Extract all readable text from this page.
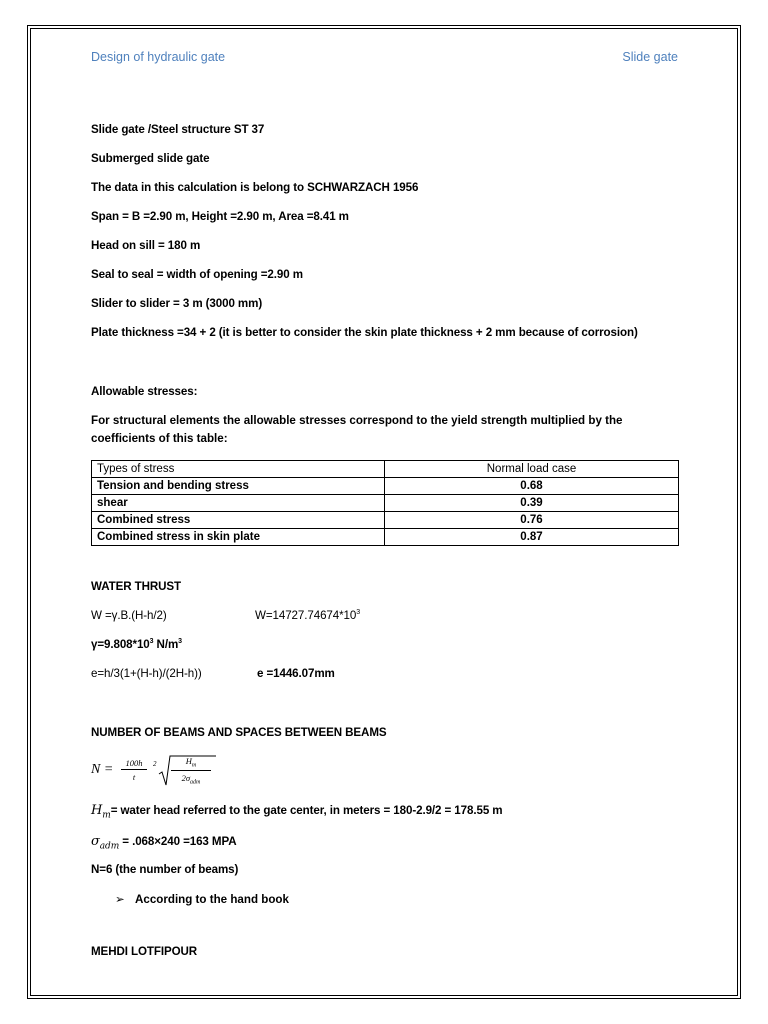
Design of hydraulic gate	Slide gate
Slide gate /Steel structure ST 37
Submerged slide gate
The data in this calculation is belong to SCHWARZACH 1956
Span = B =2.90 m, Height =2.90 m, Area =8.41 m
Head on sill = 180 m
Seal to seal = width of opening =2.90 m
Slider to slider = 3 m (3000 mm)
Plate thickness =34 + 2 (it is better to consider the skin plate thickness + 2 mm because of corrosion)
Allowable stresses:
For structural elements the allowable stresses correspond to the yield strength multiplied by the coefficients of this table:
Types of stress	Normal load case
Tension and bending stress	0.68
shear	0.39
Combined stress	0.76
Combined stress in skin plate	0.87
WATER THRUST
W =γ.B.(H-h/2)	$W=14727.74674*10^3$
$\gamma=9.808*10^3$ $N/m^3$
e=h/3(1+(H-h)/(2H-h))	e =1446.07mm
NUMBER OF BEAMS AND SPACES BETWEEN BEAMS
$N = \frac{100h}{t} 2$	$H_m$
$2\sigma_{adm}$
$H_m=$ water head referred to the gate center, in meters = 180-2.9/2 = 178.55 m
$\sigma_{adm} = .068\times 240 =163$ MPA
N=6 (the number of beams)
➢ According to the hand book
MEHDI LOTFIPOUR
